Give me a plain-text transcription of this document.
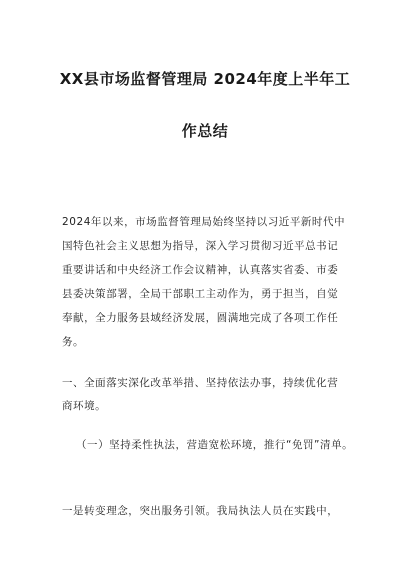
XX县市场监督管理局 2024年度上半年工
作总结
2024年以来，市场监督管理局始终坚持以习近平新时代中
国特色社会主义思想为指导，深入学习贯彻习近平总书记
重要讲话和中央经济工作会议精神，认真落实省委、市委
县委决策部署，全局干部职工主动作为，勇于担当，自觉
奉献，全力服务县域经济发展，圆满地完成了各项工作任
务。
一、全面落实深化改革举措、坚持依法办事，持续优化营
商环境。
（一）坚持柔性执法，营造宽松环境，推行“免罚”清单。
一是转变理念，突出服务引领。我局执法人员在实践中，
